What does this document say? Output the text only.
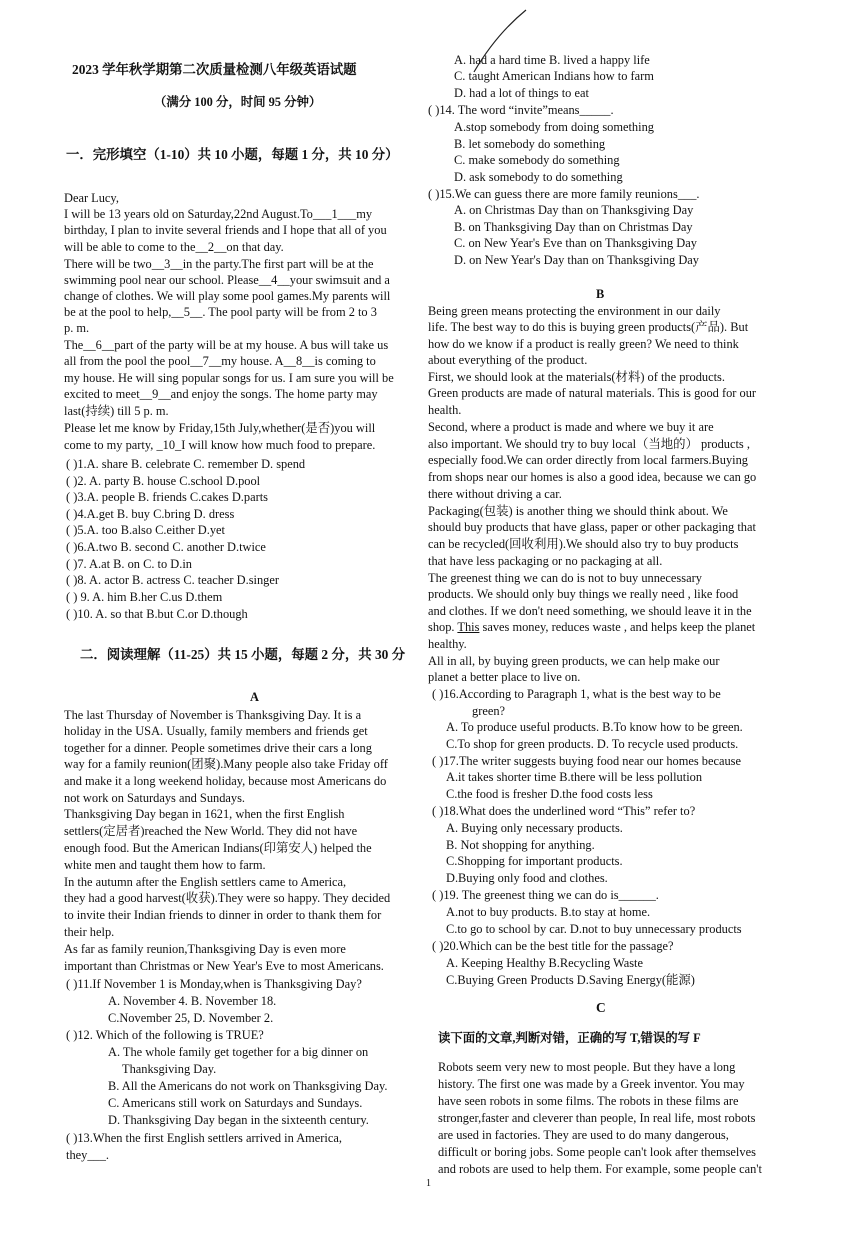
2023 学年秋学期第二次质量检测八年级英语试题
（满分 100 分，时间 95 分钟）
一．完形填空（1-10）共 10 小题，每题 1 分，共 10 分）
Dear Lucy,
I will be 13 years old on Saturday,22nd August.To___1___my
birthday, I plan to invite several friends and I hope that all of you
will be able to come to the__2__on that day.
There will be two__3__in the party.The first part will be at the
swimming pool near our school. Please__4__your swimsuit and a
change of clothes. We will play some pool games.My parents will
be at the pool to help,__5__. The pool party will be from 2 to 3
p. m.
The__6__part of the party will be at my house. A bus will take us
all from the pool the pool__7__my house. A__8__is coming to
my house. He will sing popular songs for us. I am sure you will be
excited to meet__9__and enjoy the songs. The home party may
last(持续) till 5 p. m.
Please let me know by Friday,15th July,whether(是否)you will
come to my party, _10_I will know how much food to prepare.
( )1.A. share B. celebrate C. remember D. spend
( )2. A. party B. house C.school D.pool
( )3.A. people B. friends C.cakes D.parts
( )4.A.get B. buy C.bring D. dress
( )5.A. too B.also C.either D.yet
( )6.A.two B. second C. another D.twice
( )7. A.at B. on C. to D.in
( )8. A. actor B. actress C. teacher D.singer
( ) 9. A. him B.her C.us D.them
( )10. A. so that B.but C.or D.though
二．阅读理解（11-25）共 15 小题，每题 2 分，共 30 分
A
The last Thursday of November is Thanksgiving Day. It is a
holiday in the USA. Usually, family members and friends get
together for a dinner. People sometimes drive their cars a long
way for a family reunion(团聚).Many people also take Friday off
and make it a long weekend holiday, because most Americans do
not work on Saturdays and Sundays.
Thanksgiving Day began in 1621, when the first English
settlers(定居者)reached the New World. They did not have
enough food. But the American Indians(印第安人) helped the
white men and taught them how to farm.
In the autumn after the English settlers came to America,
they had a good harvest(收获).They were so happy. They decided
to invite their Indian friends to dinner in order to thank them for
their help.
As far as family reunion,Thanksgiving Day is even more
important than Christmas or New Year's Eve to most Americans.
( )11.If November 1 is Monday,when is Thanksgiving Day?
A. November 4. B. November 18.
C.November 25, D. November 2.
( )12. Which of the following is TRUE?
A. The whole family get together for a big dinner on
Thanksgiving Day.
B. All the Americans do not work on Thanksgiving Day.
C. Americans still work on Saturdays and Sundays.
D. Thanksgiving Day began in the sixteenth century.
( )13.When the first English settlers arrived in America,
they___.
A. had a hard time B. lived a happy life
C. taught American Indians how to farm
D. had a lot of things to eat
( )14. The word “invite”means_____.
A.stop somebody from doing something
B. let somebody do something
C. make somebody do something
D. ask somebody to do something
( )15.We can guess there are more family reunions___.
A. on Christmas Day than on Thanksgiving Day
B. on Thanksgiving Day than on Christmas Day
C. on New Year's Eve than on Thanksgiving Day
D. on New Year's Day than on Thanksgiving Day
B
Being green means protecting the environment in our daily
life. The best way to do this is buying green products(产品). But
how do we know if a product is really green? We need to think
about everything of the product.
First, we should look at the materials(材料) of the products.
Green products are made of natural materials. This is good for our
health.
Second, where a product is made and where we buy it are
also important. We should try to buy local（当地的） products ,
especially food.We can order directly from local farmers.Buying
from shops near our homes is also a good idea, because we can go
there without driving a car.
Packaging(包装) is another thing we should think about. We
should buy products that have glass, paper or other packaging that
can be recycled(回收利用).We should also try to buy products
that have less packaging or no packaging at all.
The greenest thing we can do is not to buy unnecessary
products. We should only buy things we really need , like food
and clothes. If we don't need something, we should leave it in the
shop. This saves money, reduces waste , and helps keep the planet
healthy.
All in all, by buying green products, we can help make our
planet a better place to live on.
( )16.According to Paragraph 1, what is the best way to be
green?
A. To produce useful products. B.To know how to be green.
C.To shop for green products. D. To recycle used products.
( )17.The writer suggests buying food near our homes because
A.it takes shorter time B.there will be less pollution
C.the food is fresher D.the food costs less
( )18.What does the underlined word “This” refer to?
A. Buying only necessary products.
B. Not shopping for anything.
C.Shopping for important products.
D.Buying only food and clothes.
( )19. The greenest thing we can do is______.
A.not to buy products. B.to stay at home.
C.to go to school by car. D.not to buy unnecessary products
( )20.Which can be the best title for the passage?
A. Keeping Healthy B.Recycling Waste
C.Buying Green Products D.Saving Energy(能源)
C
读下面的文章,判断对错，正确的写 T,错误的写 F
Robots seem very new to most people. But they have a long
history. The first one was made by a Greek inventor. You may
have seen robots in some films. The robots in these films are
stronger,faster and cleverer than people, In real life, most robots
are used in factories. They are used to do many dangerous,
difficult or boring jobs. Some people can't look after themselves
and robots are used to help them. For example, some people can't
1
